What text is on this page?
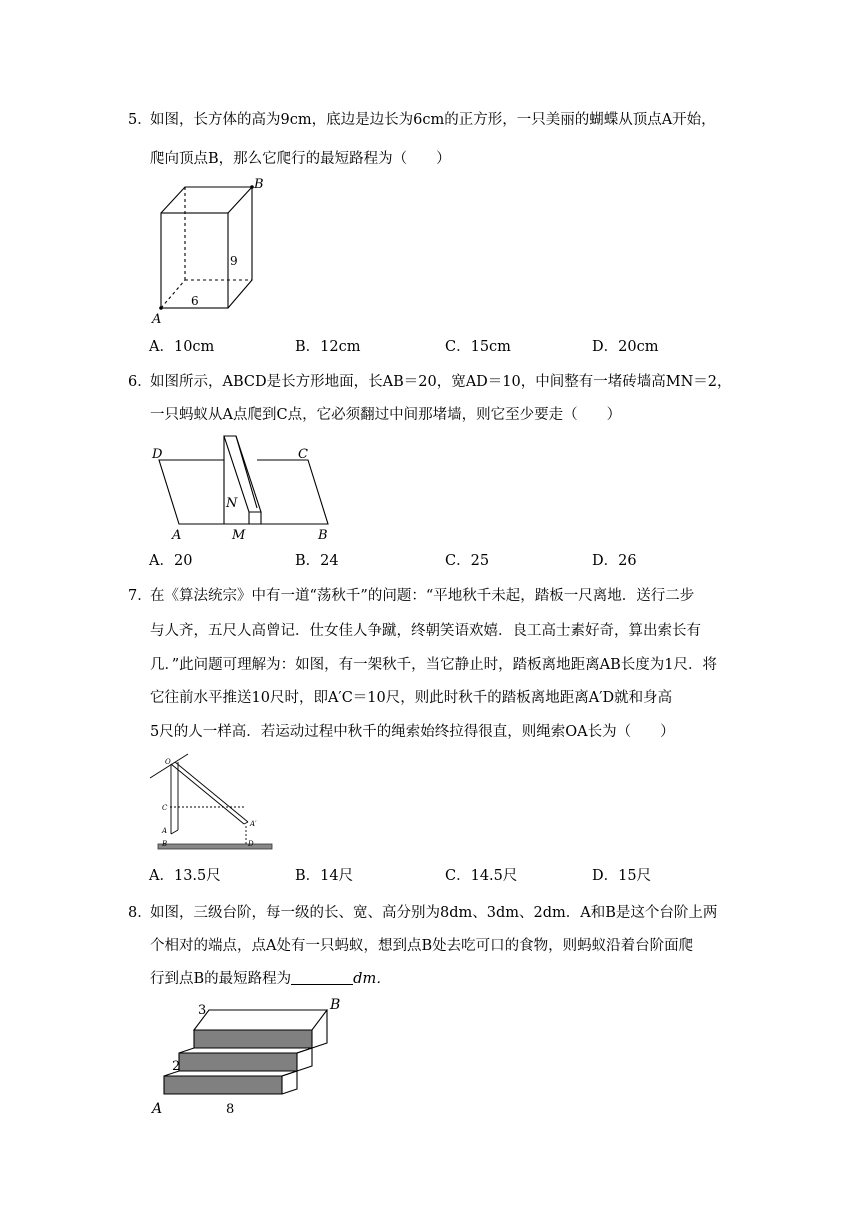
5．
如图，长方体的高为9cm，底边是边长为6cm的正方形，一只美丽的蝴蝶从顶点A开始，
爬向顶点B，那么它爬行的最短路程为（　　）
B
A
9
6
A．10cm	B．12cm	C．15cm	D．20cm
6．
如图所示，ABCD是长方形地面，长AB＝20，宽AD＝10，中间整有一堵砖墙高MN＝2，
一只蚂蚁从A点爬到C点，它必须翻过中间那堵墙，则它至少要走（　　）
D	C
A	M	B
N
A．20	B．24	C．25	D．26
7．
在《算法统宗》中有一道“荡秋千”的问题：“平地秋千未起，踏板一尺离地．送行二步
与人齐，五尺人高曾记．仕女佳人争蹴，终朝笑语欢嬉．良工高士素好奇，算出索长有
几．”此问题可理解为：如图，有一架秋千，当它静止时，踏板离地距离AB长度为1尺．将
它往前水平推送10尺时，即A′C＝10尺，则此时秋千的踏板离地距离A′D就和身高
5尺的人一样高．若运动过程中秋千的绳索始终拉得很直，则绳索OA长为（　　）
O
C
A
B	D
A′
A．13.5尺	B．14尺	C．14.5尺	D．15尺
8．
如图，三级台阶，每一级的长、宽、高分别为8dm、3dm、2dm．A和B是这个台阶上两
个相对的端点，点A处有一只蚂蚁，想到点B处去吃可口的食物，则蚂蚁沿着台阶面爬
行到点B的最短路程为	dm．
B
A
3
2
8
